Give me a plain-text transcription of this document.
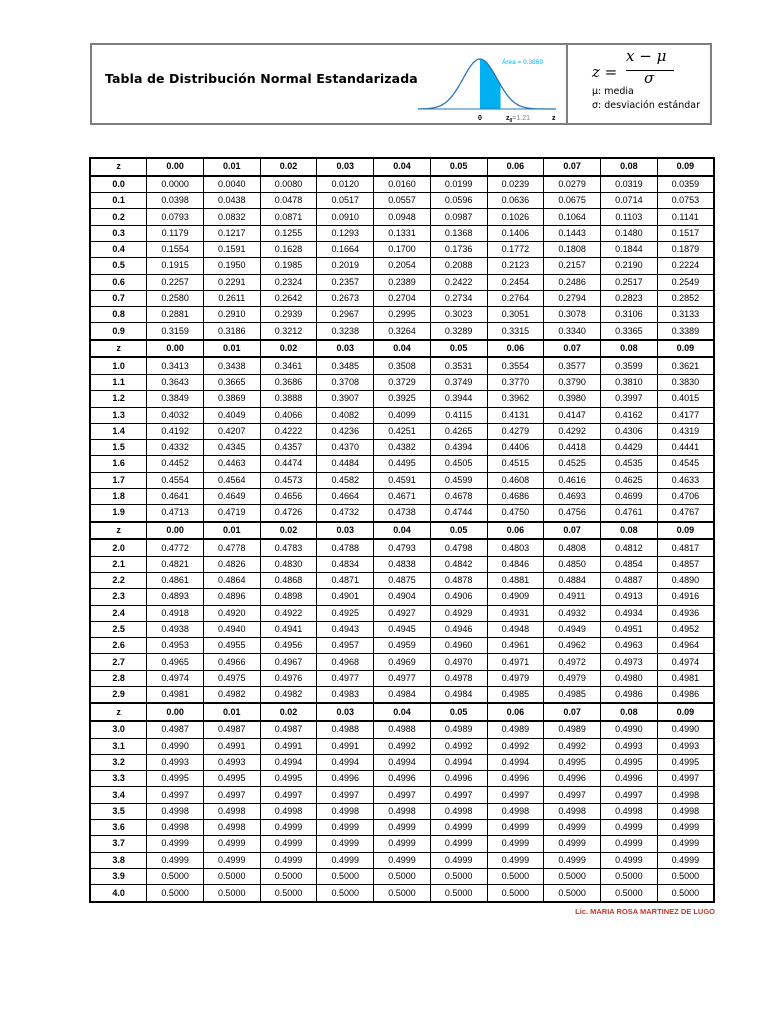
Tabla de Distribución Normal Estandarizada
Área = 0.3869
0	$z_0=1.21$	z
z =
x − μ
σ
μ: media
σ: desviación estándar
z	0.00	0.01	0.02	0.03	0.04	0.05	0.06	0.07	0.08	0.09
0.0	0.0000	0.0040	0.0080	0.0120	0.0160	0.0199	0.0239	0.0279	0.0319	0.0359
0.1	0.0398	0.0438	0.0478	0.0517	0.0557	0.0596	0.0636	0.0675	0.0714	0.0753
0.2	0.0793	0.0832	0.0871	0.0910	0.0948	0.0987	0.1026	0.1064	0.1103	0.1141
0.3	0.1179	0.1217	0.1255	0.1293	0.1331	0.1368	0.1406	0.1443	0.1480	0.1517
0.4	0.1554	0.1591	0.1628	0.1664	0.1700	0.1736	0.1772	0.1808	0.1844	0.1879
0.5	0.1915	0.1950	0.1985	0.2019	0.2054	0.2088	0.2123	0.2157	0.2190	0.2224
0.6	0.2257	0.2291	0.2324	0.2357	0.2389	0.2422	0.2454	0.2486	0.2517	0.2549
0.7	0.2580	0.2611	0.2642	0.2673	0.2704	0.2734	0.2764	0.2794	0.2823	0.2852
0.8	0.2881	0.2910	0.2939	0.2967	0.2995	0.3023	0.3051	0.3078	0.3106	0.3133
0.9	0.3159	0.3186	0.3212	0.3238	0.3264	0.3289	0.3315	0.3340	0.3365	0.3389
z	0.00	0.01	0.02	0.03	0.04	0.05	0.06	0.07	0.08	0.09
1.0	0.3413	0.3438	0.3461	0.3485	0.3508	0.3531	0.3554	0.3577	0.3599	0.3621
1.1	0.3643	0.3665	0.3686	0.3708	0.3729	0.3749	0.3770	0.3790	0.3810	0.3830
1.2	0.3849	0.3869	0.3888	0.3907	0.3925	0.3944	0.3962	0.3980	0.3997	0.4015
1.3	0.4032	0.4049	0.4066	0.4082	0.4099	0.4115	0.4131	0.4147	0.4162	0.4177
1.4	0.4192	0.4207	0.4222	0.4236	0.4251	0.4265	0.4279	0.4292	0.4306	0.4319
1.5	0.4332	0.4345	0.4357	0.4370	0.4382	0.4394	0.4406	0.4418	0.4429	0.4441
1.6	0.4452	0.4463	0.4474	0.4484	0.4495	0.4505	0.4515	0.4525	0.4535	0.4545
1.7	0.4554	0.4564	0.4573	0.4582	0.4591	0.4599	0.4608	0.4616	0.4625	0.4633
1.8	0.4641	0.4649	0.4656	0.4664	0.4671	0.4678	0.4686	0.4693	0.4699	0.4706
1.9	0.4713	0.4719	0.4726	0.4732	0.4738	0.4744	0.4750	0.4756	0.4761	0.4767
z	0.00	0.01	0.02	0.03	0.04	0.05	0.06	0.07	0.08	0.09
2.0	0.4772	0.4778	0.4783	0.4788	0.4793	0.4798	0.4803	0.4808	0.4812	0.4817
2.1	0.4821	0.4826	0.4830	0.4834	0.4838	0.4842	0.4846	0.4850	0.4854	0.4857
2.2	0.4861	0.4864	0.4868	0.4871	0.4875	0.4878	0.4881	0.4884	0.4887	0.4890
2.3	0.4893	0.4896	0.4898	0.4901	0.4904	0.4906	0.4909	0.4911	0.4913	0.4916
2.4	0.4918	0.4920	0.4922	0.4925	0.4927	0.4929	0.4931	0.4932	0.4934	0.4936
2.5	0.4938	0.4940	0.4941	0.4943	0.4945	0.4946	0.4948	0.4949	0.4951	0.4952
2.6	0.4953	0.4955	0.4956	0.4957	0.4959	0.4960	0.4961	0.4962	0.4963	0.4964
2.7	0.4965	0.4966	0.4967	0.4968	0.4969	0.4970	0.4971	0.4972	0.4973	0.4974
2.8	0.4974	0.4975	0.4976	0.4977	0.4977	0.4978	0.4979	0.4979	0.4980	0.4981
2.9	0.4981	0.4982	0.4982	0.4983	0.4984	0.4984	0.4985	0.4985	0.4986	0.4986
z	0.00	0.01	0.02	0.03	0.04	0.05	0.06	0.07	0.08	0.09
3.0	0.4987	0.4987	0.4987	0.4988	0.4988	0.4989	0.4989	0.4989	0.4990	0.4990
3.1	0.4990	0.4991	0.4991	0.4991	0.4992	0.4992	0.4992	0.4992	0.4993	0.4993
3.2	0.4993	0.4993	0.4994	0.4994	0.4994	0.4994	0.4994	0.4995	0.4995	0.4995
3.3	0.4995	0.4995	0.4995	0.4996	0.4996	0.4996	0.4996	0.4996	0.4996	0.4997
3.4	0.4997	0.4997	0.4997	0.4997	0.4997	0.4997	0.4997	0.4997	0.4997	0.4998
3.5	0.4998	0.4998	0.4998	0.4998	0.4998	0.4998	0.4998	0.4998	0.4998	0.4998
3.6	0.4998	0.4998	0.4999	0.4999	0.4999	0.4999	0.4999	0.4999	0.4999	0.4999
3.7	0.4999	0.4999	0.4999	0.4999	0.4999	0.4999	0.4999	0.4999	0.4999	0.4999
3.8	0.4999	0.4999	0.4999	0.4999	0.4999	0.4999	0.4999	0.4999	0.4999	0.4999
3.9	0.5000	0.5000	0.5000	0.5000	0.5000	0.5000	0.5000	0.5000	0.5000	0.5000
4.0	0.5000	0.5000	0.5000	0.5000	0.5000	0.5000	0.5000	0.5000	0.5000	0.5000
Lic. MARIA ROSA MARTINEZ DE LUGO
